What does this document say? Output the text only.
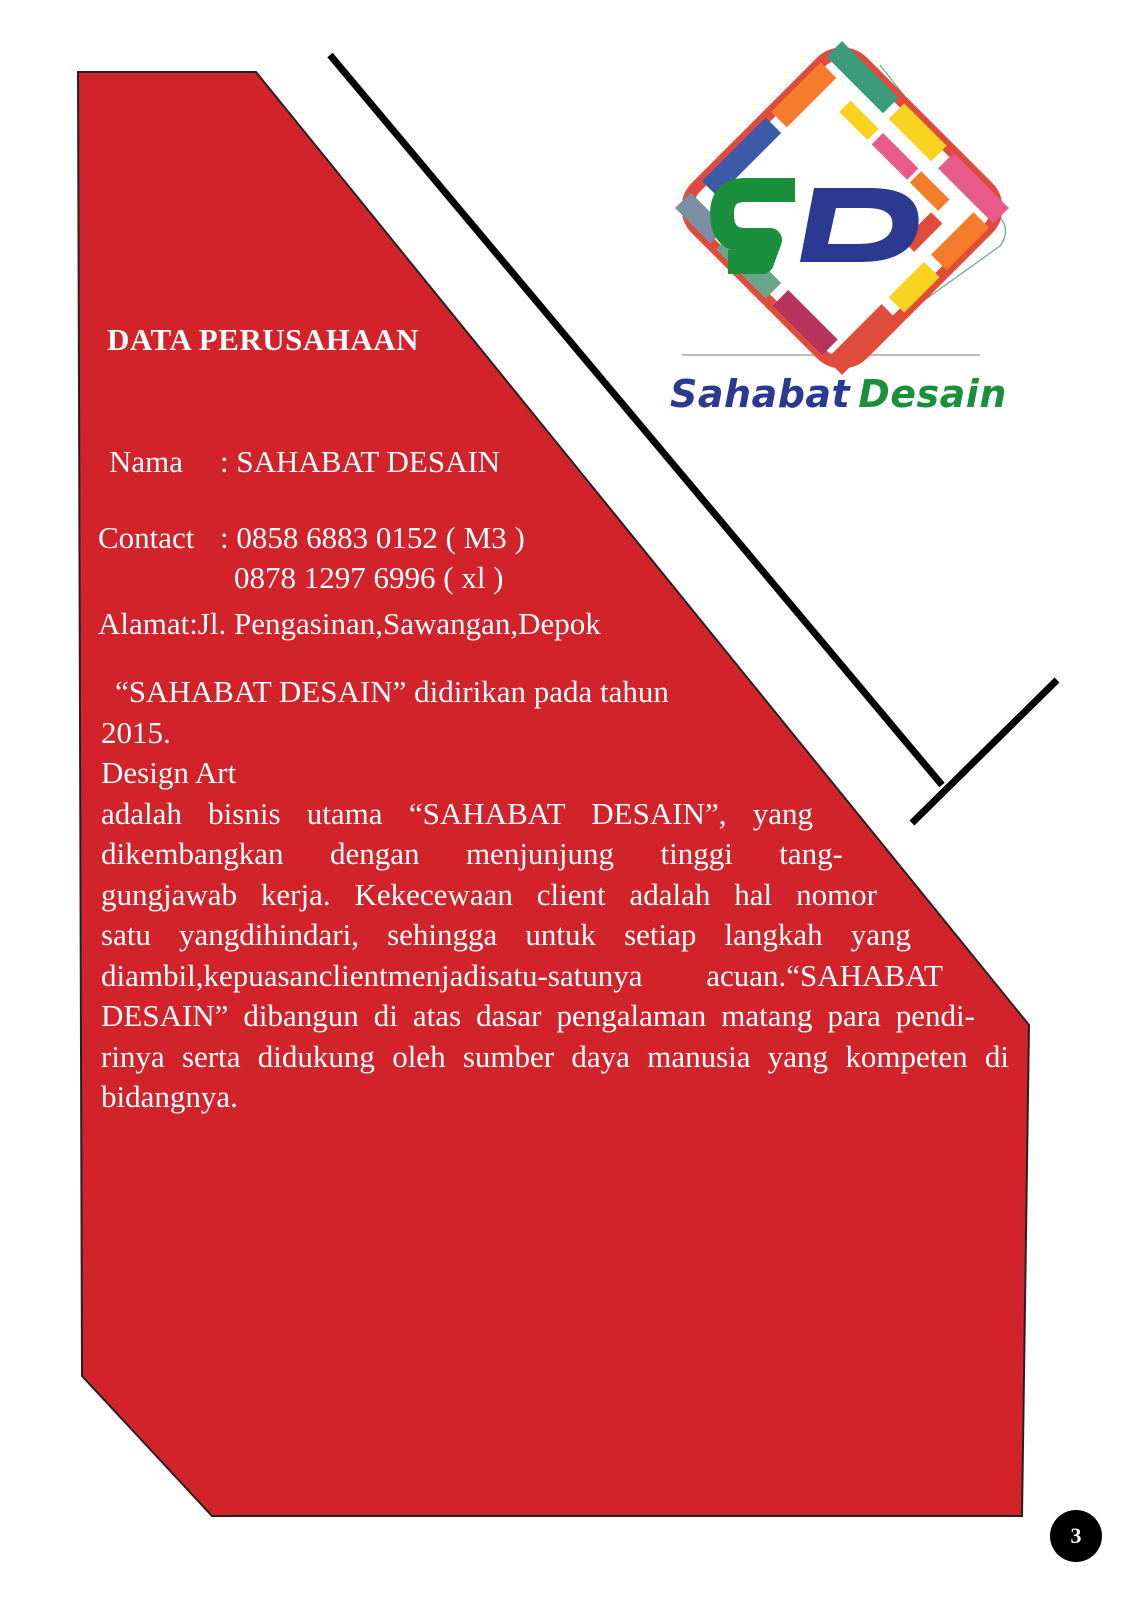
Sahabat Desain
DATA PERUSAHAAN
Nama : SAHABAT DESAIN
Contact : 0858 6883 0152 ( M3 )
0878 1297 6996 ( xl )
Alamat:Jl. Pengasinan,Sawangan,Depok
“SAHABAT DESAIN” didirikan pada tahun
2015.
Design Art
adalah bisnis utama “SAHABAT DESAIN”, yang
dikembangkan dengan menjunjung tinggi tang-
gungjawab kerja. Kekecewaan client adalah hal nomor
satu yangdihindari, sehingga untuk setiap langkah yang
diambil,kepuasanclientmenjadisatu-satunya acuan.“SAHABAT
DESAIN” dibangun di atas dasar pengalaman matang para pendi-
rinya serta didukung oleh sumber daya manusia yang kompeten di
bidangnya.
3
